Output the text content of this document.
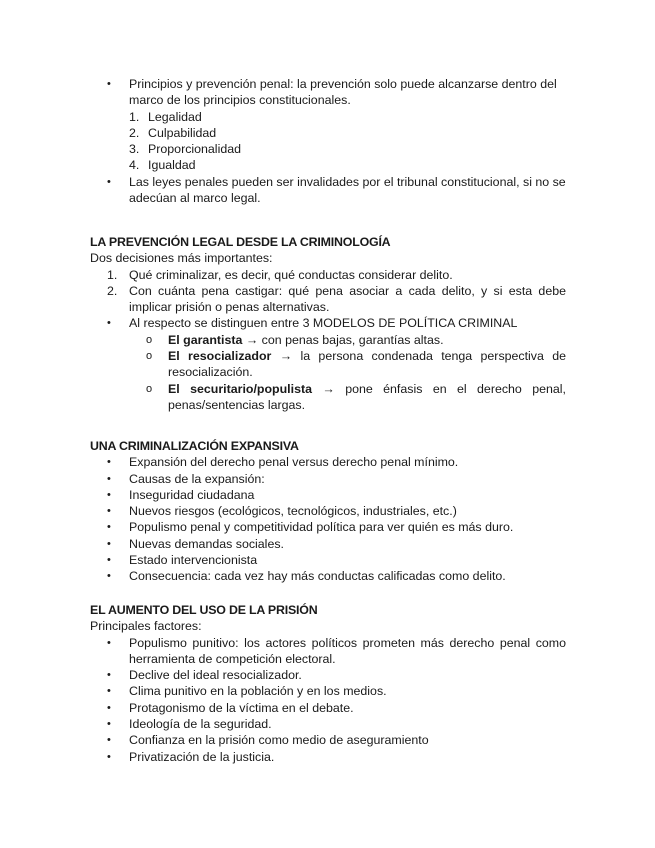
• Principios y prevención penal: la prevención solo puede alcanzarse dentro del marco de los principios constitucionales.
1. Legalidad
2. Culpabilidad
3. Proporcionalidad
4. Igualdad
• Las leyes penales pueden ser invalidades por el tribunal constitucional, si no se adecúan al marco legal.
LA PREVENCIÓN LEGAL DESDE LA CRIMINOLOGÍA

Dos decisiones más importantes:

1. Qué criminalizar, es decir, qué conductas considerar delito.
2. Con cuánta pena castigar: qué pena asociar a cada delito, y si esta debe implicar prisión o penas alternativas.
• Al respecto se distinguen entre 3 MODELOS DE POLÍTICA CRIMINAL
o El garantista → con penas bajas, garantías altas.
o El resocializador → la persona condenada tenga perspectiva de resocialización.
o El securitario/populista → pone énfasis en el derecho penal, penas/sentencias largas.
UNA CRIMINALIZACIÓN EXPANSIVA
• Expansión del derecho penal versus derecho penal mínimo.
• Causas de la expansión:
• Inseguridad ciudadana
• Nuevos riesgos (ecológicos, tecnológicos, industriales, etc.)
• Populismo penal y competitividad política para ver quién es más duro.
• Nuevas demandas sociales.
• Estado intervencionista
• Consecuencia: cada vez hay más conductas calificadas como delito.
EL AUMENTO DEL USO DE LA PRISIÓN

Principales factores:

• Populismo punitivo: los actores políticos prometen más derecho penal como herramienta de competición electoral.
• Declive del ideal resocializador.
• Clima punitivo en la población y en los medios.
• Protagonismo de la víctima en el debate.
• Ideología de la seguridad.
• Confianza en la prisión como medio de aseguramiento
• Privatización de la justicia.
